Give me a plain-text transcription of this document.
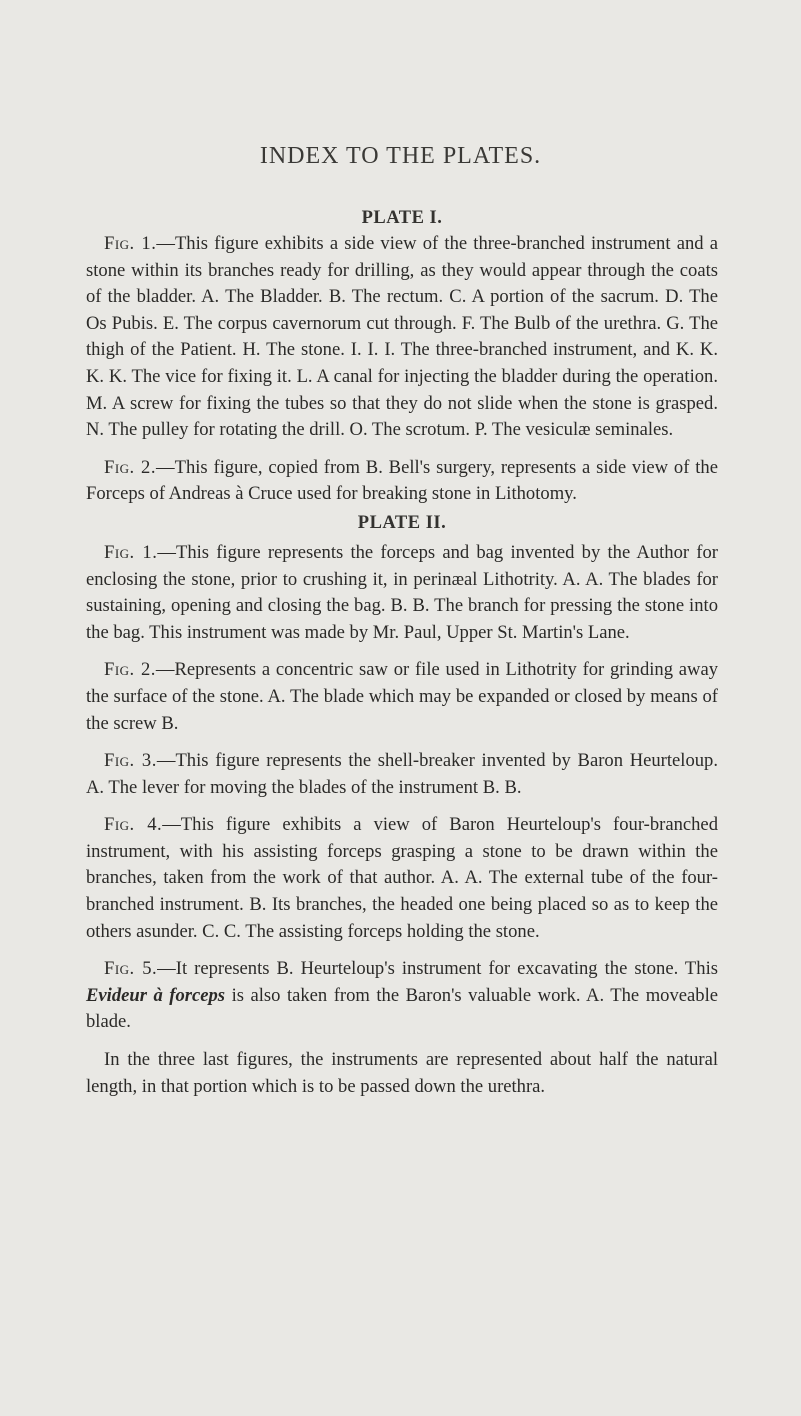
INDEX TO THE PLATES.
PLATE I.

Fig. 1.—This figure exhibits a side view of the three-branched instrument and a stone within its branches ready for drilling, as they would appear through the coats of the bladder. A. The Bladder. B. The rectum. C. A portion of the sacrum. D. The Os Pubis. E. The corpus cavernorum cut through. F. The Bulb of the urethra. G. The thigh of the Patient. H. The stone. I. I. I. The three-branched instrument, and K. K. K. K. The vice for fixing it. L. A canal for injecting the bladder during the operation. M. A screw for fixing the tubes so that they do not slide when the stone is grasped. N. The pulley for rotating the drill. O. The scrotum. P. The vesiculæ seminales.

Fig. 2.—This figure, copied from B. Bell's surgery, represents a side view of the Forceps of Andreas à Cruce used for breaking stone in Lithotomy.

PLATE II.

Fig. 1.—This figure represents the forceps and bag invented by the Author for enclosing the stone, prior to crushing it, in perinæal Lithotrity. A. A. The blades for sustaining, opening and closing the bag. B. B. The branch for pressing the stone into the bag. This instrument was made by Mr. Paul, Upper St. Martin's Lane.

Fig. 2.—Represents a concentric saw or file used in Lithotrity for grinding away the surface of the stone. A. The blade which may be expanded or closed by means of the screw B.

Fig. 3.—This figure represents the shell-breaker invented by Baron Heurteloup. A. The lever for moving the blades of the instrument B. B.

Fig. 4.—This figure exhibits a view of Baron Heurteloup's four-branched instrument, with his assisting forceps grasping a stone to be drawn within the branches, taken from the work of that author. A. A. The external tube of the four-branched instrument. B. Its branches, the headed one being placed so as to keep the others asunder. C. C. The assisting forceps holding the stone.

Fig. 5.—It represents B. Heurteloup's instrument for excavating the stone. This Evideur à forceps is also taken from the Baron's valuable work. A. The moveable blade.

In the three last figures, the instruments are represented about half the natural length, in that portion which is to be passed down the urethra.
